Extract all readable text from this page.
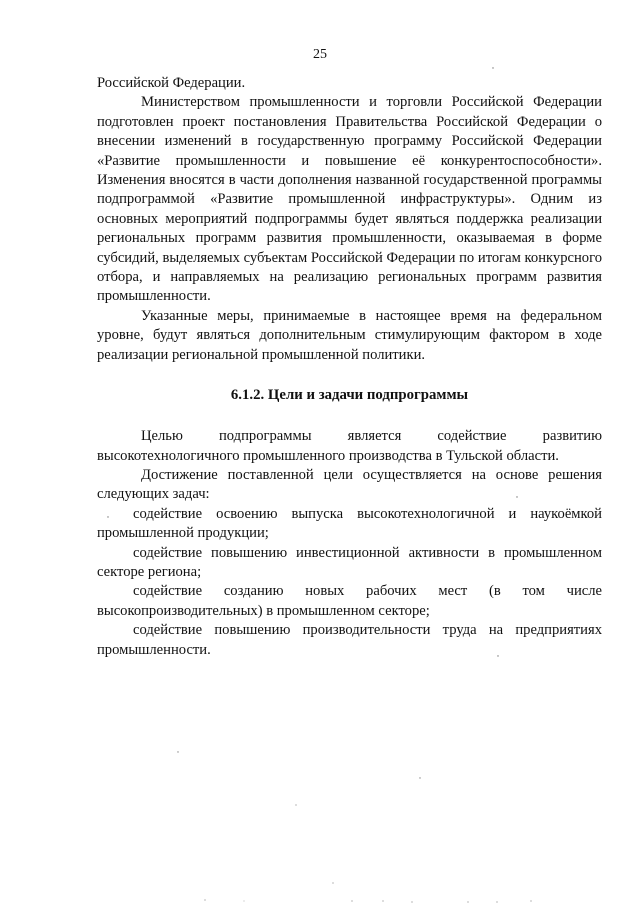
25

Российской Федерации.

Министерством промышленности и торговли Российской Федерации подготовлен проект постановления Правительства Российской Федерации о внесении изменений в государственную программу Российской Федерации «Развитие промышленности и повышение её конкурентоспособности». Изменения вносятся в части дополнения названной государственной программы подпрограммой «Развитие промышленной инфраструктуры». Одним из основных мероприятий подпрограммы будет являться поддержка реализации региональных программ развития промышленности, оказываемая в форме субсидий, выделяемых субъектам Российской Федерации по итогам конкурсного отбора, и направляемых на реализацию региональных программ развития промышленности.

Указанные меры, принимаемые в настоящее время на федеральном уровне, будут являться дополнительным стимулирующим фактором в ходе реализации региональной промышленной политики.

6.1.2. Цели и задачи подпрограммы

Целью подпрограммы является содействие развитию высокотехнологичного промышленного производства в Тульской области.

Достижение поставленной цели осуществляется на основе решения следующих задач:

содействие освоению выпуска высокотехнологичной и наукоёмкой промышленной продукции;

содействие повышению инвестиционной активности в промышленном секторе региона;

содействие созданию новых рабочих мест (в том числе высокопроизводительных) в промышленном секторе;

содействие повышению производительности труда на предприятиях промышленности.
